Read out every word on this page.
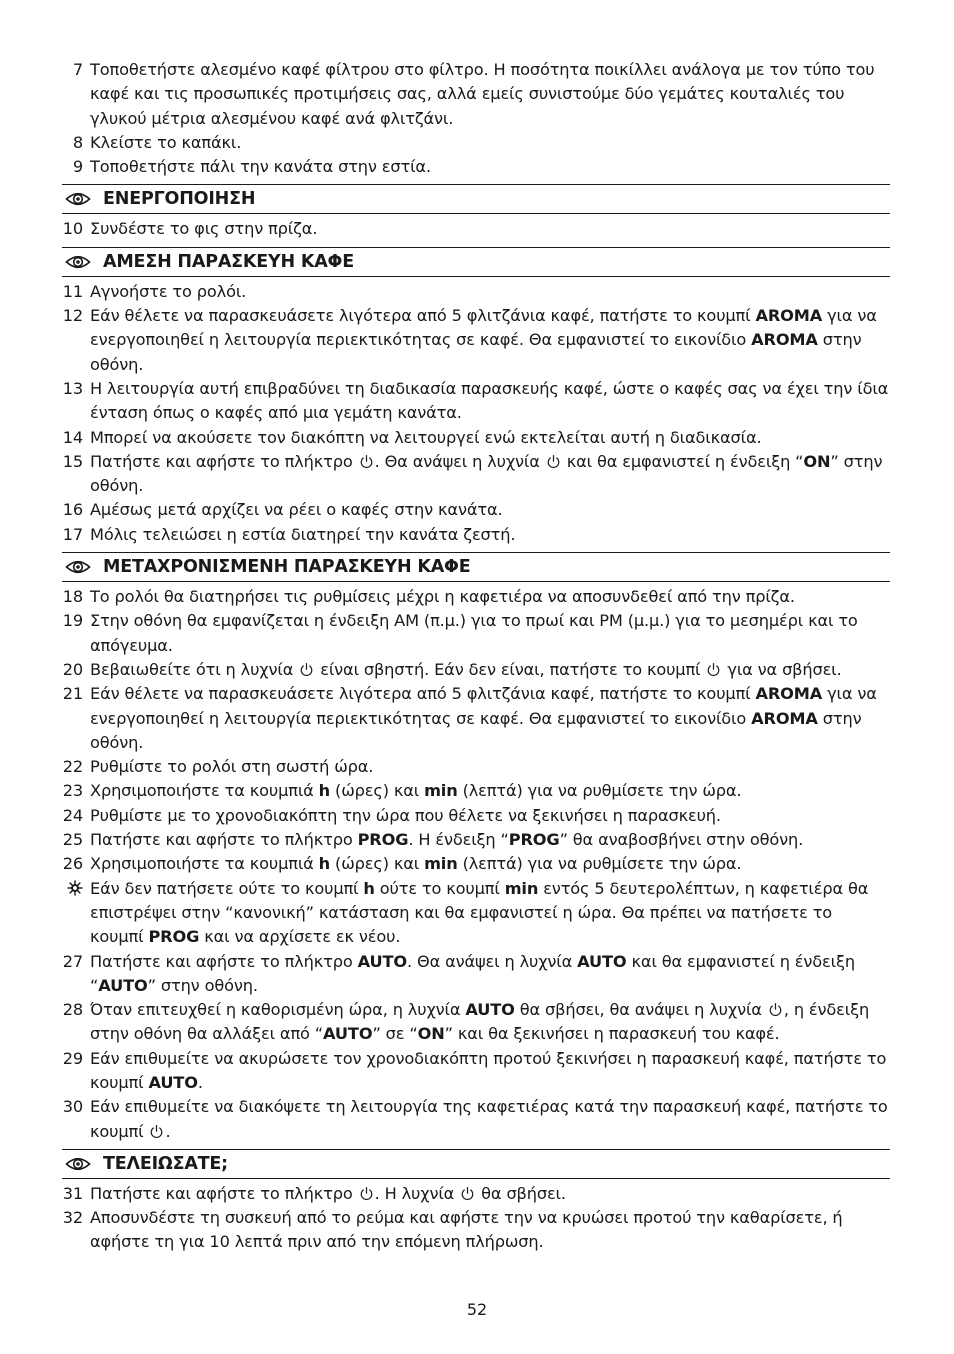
7 Τοποθετήστε αλεσμένο καφέ φίλτρου στο φίλτρο. Η ποσότητα ποικίλλει ανάλογα με τον τύπο του καφέ και τις προσωπικές προτιμήσεις σας, αλλά εμείς συνιστούμε δύο γεμάτες κουταλιές του γλυκού μέτρια αλεσμένου καφέ ανά φλιτζάνι.
8 Κλείστε το καπάκι.
9 Τοποθετήστε πάλι την κανάτα στην εστία.
ΕΝΕΡΓΟΠΟΙΗΣΗ
10 Συνδέστε το φις στην πρίζα.
ΑΜΕΣΗ ΠΑΡΑΣΚΕΥΗ ΚΑΦΕ
11 Αγνοήστε το ρολόι.
12 Εάν θέλετε να παρασκευάσετε λιγότερα από 5 φλιτζάνια καφέ, πατήστε το κουμπί AROMA για να ενεργοποιηθεί η λειτουργία περιεκτικότητας σε καφέ. Θα εμφανιστεί το εικονίδιο AROMA στην οθόνη.
13 Η λειτουργία αυτή επιβραδύνει τη διαδικασία παρασκευής καφέ, ώστε ο καφές σας να έχει την ίδια ένταση όπως ο καφές από μια γεμάτη κανάτα.
14 Μπορεί να ακούσετε τον διακόπτη να λειτουργεί ενώ εκτελείται αυτή η διαδικασία.
15 Πατήστε και αφήστε το πλήκτρο . Θα ανάψει η λυχνία  και θα εμφανιστεί η ένδειξη “ON” στην οθόνη.
16 Αμέσως μετά αρχίζει να ρέει ο καφές στην κανάτα.
17 Μόλις τελειώσει η εστία διατηρεί την κανάτα ζεστή.
ΜΕΤΑΧΡΟΝΙΣΜΕΝΗ ΠΑΡΑΣΚΕΥΗ ΚΑΦΕ
18 Το ρολόι θα διατηρήσει τις ρυθμίσεις μέχρι η καφετιέρα να αποσυνδεθεί από την πρίζα.
19 Στην οθόνη θα εμφανίζεται η ένδειξη AM (π.μ.) για το πρωί και PM (μ.μ.) για το μεσημέρι και το απόγευμα.
20 Βεβαιωθείτε ότι η λυχνία  είναι σβηστή. Εάν δεν είναι, πατήστε το κουμπί  για να σβήσει.
21 Εάν θέλετε να παρασκευάσετε λιγότερα από 5 φλιτζάνια καφέ, πατήστε το κουμπί AROMA για να ενεργοποιηθεί η λειτουργία περιεκτικότητας σε καφέ. Θα εμφανιστεί το εικονίδιο AROMA στην οθόνη.
22 Ρυθμίστε το ρολόι στη σωστή ώρα.
23 Χρησιμοποιήστε τα κουμπιά h (ώρες) και min (λεπτά) για να ρυθμίσετε την ώρα.
24 Ρυθμίστε με το χρονοδιακόπτη την ώρα που θέλετε να ξεκινήσει η παρασκευή.
25 Πατήστε και αφήστε το πλήκτρο PROG. Η ένδειξη “PROG” θα αναβοσβήνει στην οθόνη.
26 Χρησιμοποιήστε τα κουμπιά h (ώρες) και min (λεπτά) για να ρυθμίσετε την ώρα.
Εάν δεν πατήσετε ούτε το κουμπί h ούτε το κουμπί min εντός 5 δευτερολέπτων, η καφετιέρα θα επιστρέψει στην “κανονική” κατάσταση και θα εμφανιστεί η ώρα. Θα πρέπει να πατήσετε το κουμπί PROG και να αρχίσετε εκ νέου.
27 Πατήστε και αφήστε το πλήκτρο AUTO. Θα ανάψει η λυχνία AUTO και θα εμφανιστεί η ένδειξη “AUTO” στην οθόνη.
28 Όταν επιτευχθεί η καθορισμένη ώρα, η λυχνία AUTO θα σβήσει, θα ανάψει η λυχνία , η ένδειξη στην οθόνη θα αλλάξει από “AUTO” σε “ON” και θα ξεκινήσει η παρασκευή του καφέ.
29 Εάν επιθυμείτε να ακυρώσετε τον χρονοδιακόπτη προτού ξεκινήσει η παρασκευή καφέ, πατήστε το κουμπί AUTO.
30 Εάν επιθυμείτε να διακόψετε τη λειτουργία της καφετιέρας κατά την παρασκευή καφέ, πατήστε το κουμπί .
ΤΕΛΕΙΩΣΑΤΕ;
31 Πατήστε και αφήστε το πλήκτρο . Η λυχνία  θα σβήσει.
32 Αποσυνδέστε τη συσκευή από το ρεύμα και αφήστε την να κρυώσει προτού την καθαρίσετε, ή αφήστε τη για 10 λεπτά πριν από την επόμενη πλήρωση.
52
